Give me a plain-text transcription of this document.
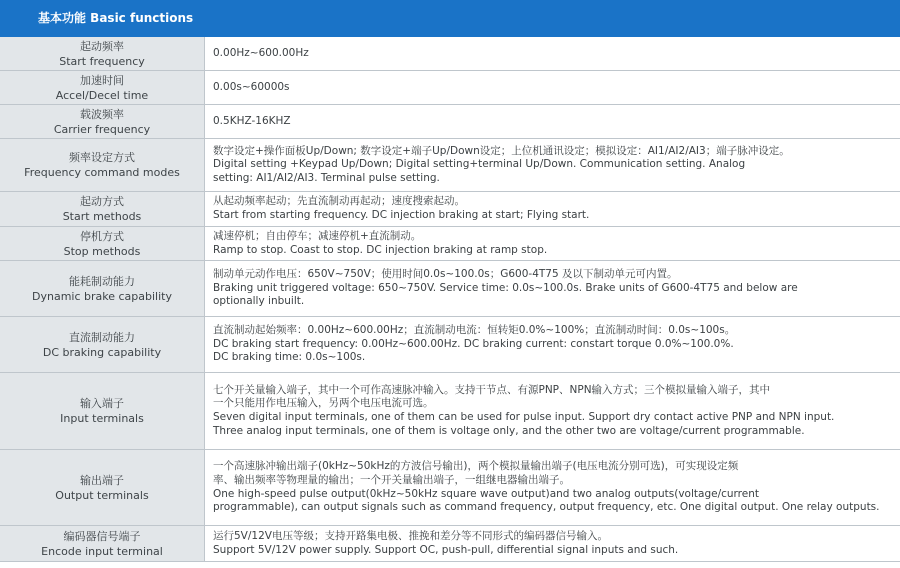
基本功能 Basic functions
起动频率
Start frequency
0.00Hz~600.00Hz
加速时间
Accel/Decel time
0.00s~60000s
载波频率
Carrier frequency
0.5KHZ-16KHZ
频率设定方式
Frequency command modes
数字设定+操作面板Up/Down; 数字设定+端子Up/Down设定；上位机通讯设定；模拟设定：AI1/AI2/AI3；端子脉冲设定。
Digital setting +Keypad Up/Down; Digital setting+terminal Up/Down. Communication setting. Analog
setting: AI1/AI2/AI3. Terminal pulse setting.
起动方式
Start methods
从起动频率起动；先直流制动再起动；速度搜索起动。
Start from starting frequency. DC injection braking at start; Flying start.
停机方式
Stop methods
减速停机；自由停车；减速停机+直流制动。
Ramp to stop. Coast to stop. DC injection braking at ramp stop.
能耗制动能力
Dynamic brake capability
制动单元动作电压：650V~750V；使用时间0.0s~100.0s；G600-4T75 及以下制动单元可内置。
Braking unit triggered voltage: 650~750V. Service time: 0.0s~100.0s. Brake units of G600-4T75 and below are
optionally inbuilt.
直流制动能力
DC braking capability
直流制动起始频率：0.00Hz~600.00Hz；直流制动电流：恒转矩0.0%~100%；直流制动时间：0.0s~100s。
DC braking start frequency: 0.00Hz~600.00Hz. DC braking current: constart torque 0.0%~100.0%.
DC braking time: 0.0s~100s.
输入端子
Input terminals
七个开关量输入端子，其中一个可作高速脉冲输入。支持干节点、有源PNP、NPN输入方式；三个模拟量输入端子，其中
一个只能用作电压输入，另两个电压电流可选。
Seven digital input terminals, one of them can be used for pulse input. Support dry contact active PNP and NPN input.
Three analog input terminals, one of them is voltage only, and the other two are voltage/current programmable.
输出端子
Output terminals
一个高速脉冲输出端子(0kHz~50kHz的方波信号输出)，两个模拟量输出端子(电压电流分别可选)，可实现设定频
率、输出频率等物理量的输出；一个开关量输出端子，一组继电器输出端子。
One high-speed pulse output(0kHz~50kHz square wave output)and two analog outputs(voltage/current
programmable), can output signals such as command frequency, output frequency, etc. One digital output. One relay outputs.
编码器信号端子
Encode input terminal
运行5V/12V电压等级；支持开路集电极、推挽和差分等不同形式的编码器信号输入。
Support 5V/12V power supply. Support OC, push-pull, differential signal inputs and such.
